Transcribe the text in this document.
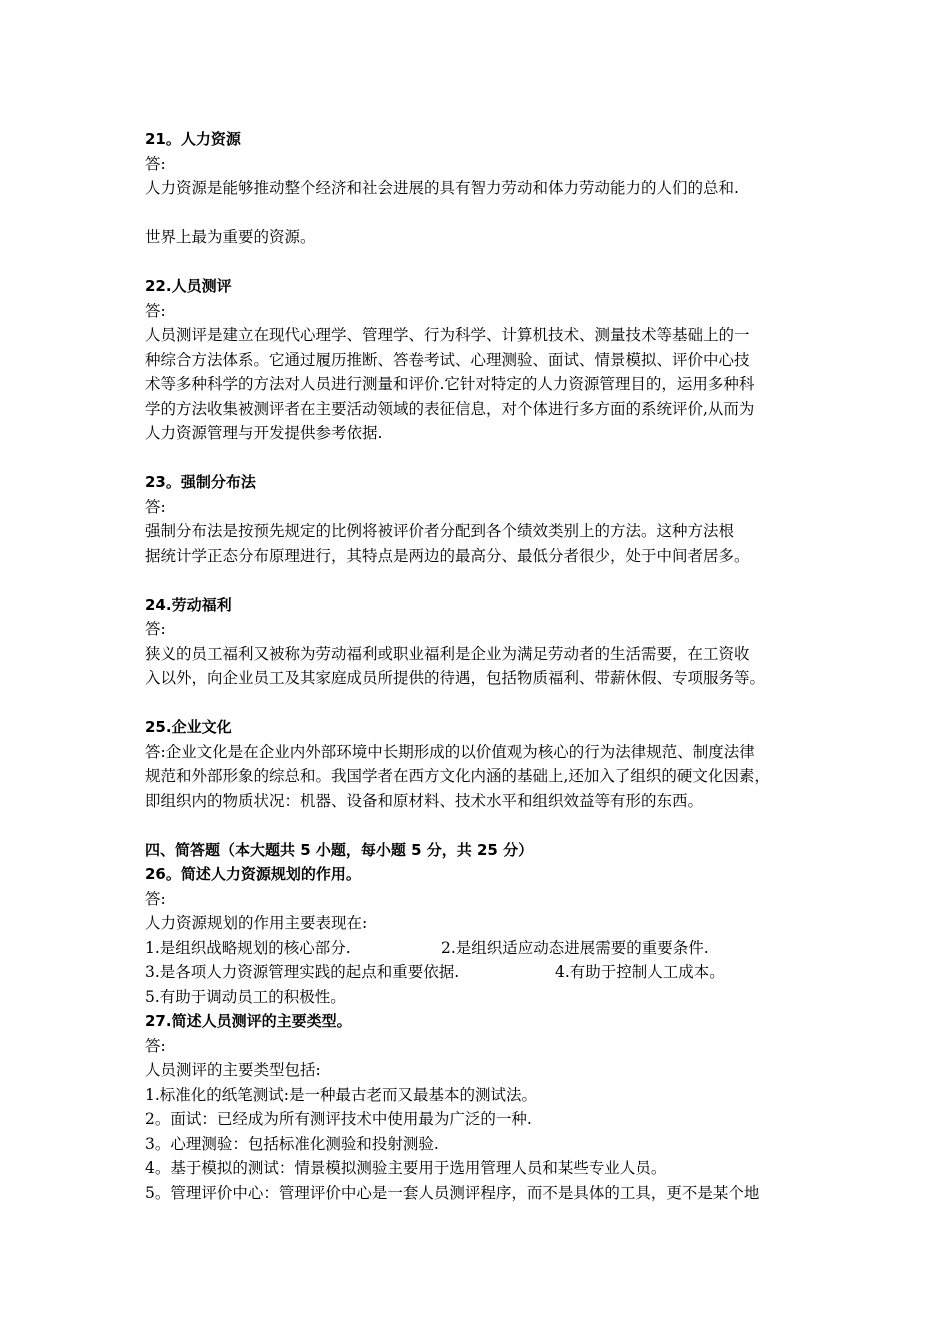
21。人力资源
答:
人力资源是能够推动整个经济和社会进展的具有智力劳动和体力劳动能力的人们的总和.
世界上最为重要的资源。
22.人员测评
答:
人员测评是建立在现代心理学、管理学、行为科学、计算机技术、测量技术等基础上的一
种综合方法体系。它通过履历推断、答卷考试、心理测验、面试、情景模拟、评价中心技
术等多种科学的方法对人员进行测量和评价.它针对特定的人力资源管理目的，运用多种科
学的方法收集被测评者在主要活动领域的表征信息，对个体进行多方面的系统评价,从而为
人力资源管理与开发提供参考依据.
23。强制分布法
答:
强制分布法是按预先规定的比例将被评价者分配到各个绩效类别上的方法。这种方法根
据统计学正态分布原理进行，其特点是两边的最高分、最低分者很少，处于中间者居多。
24.劳动福利
答:
狭义的员工福利又被称为劳动福利或职业福利是企业为满足劳动者的生活需要，在工资收
入以外，向企业员工及其家庭成员所提供的待遇，包括物质福利、带薪休假、专项服务等。
25.企业文化
答:企业文化是在企业内外部环境中长期形成的以价值观为核心的行为法律规范、制度法律
规范和外部形象的综总和。我国学者在西方文化内涵的基础上,还加入了组织的硬文化因素，
即组织内的物质状况：机器、设备和原材料、技术水平和组织效益等有形的东西。
四、简答题（本大题共 5 小题，每小题 5 分，共 25 分）
26。简述人力资源规划的作用。
答:
人力资源规划的作用主要表现在:
1.是组织战略规划的核心部分.	2.是组织适应动态进展需要的重要条件.
3.是各项人力资源管理实践的起点和重要依据.	4.有助于控制人工成本。
5.有助于调动员工的积极性。
27.简述人员测评的主要类型。
答:
人员测评的主要类型包括:
1.标准化的纸笔测试:是一种最古老而又最基本的测试法。
2。面试：已经成为所有测评技术中使用最为广泛的一种.
3。心理测验：包括标准化测验和投射测验.
4。基于模拟的测试：情景模拟测验主要用于选用管理人员和某些专业人员。
5。管理评价中心：管理评价中心是一套人员测评程序，而不是具体的工具，更不是某个地
